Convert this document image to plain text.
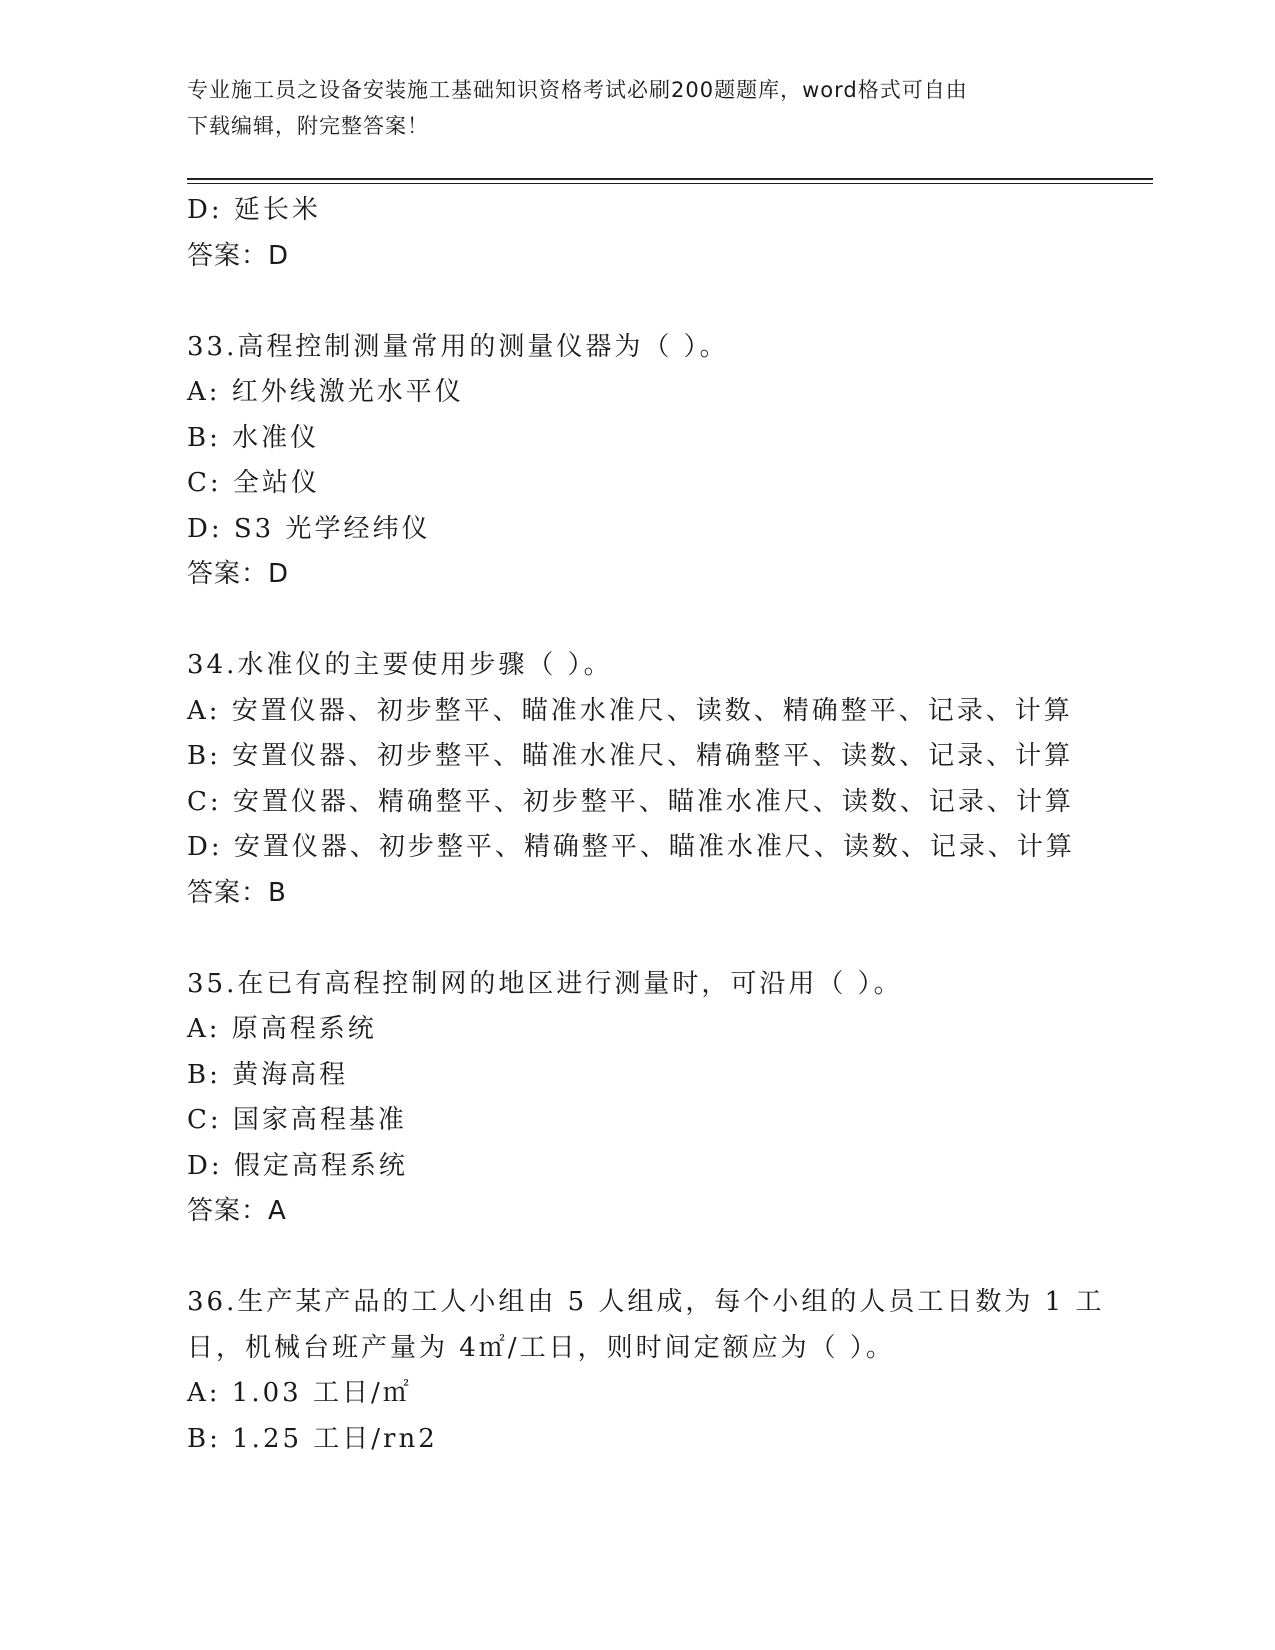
专业施工员之设备安装施工基础知识资格考试必刷200题题库，word格式可自由
下载编辑，附完整答案！
D: 延长米
答案：D
33.高程控制测量常用的测量仪器为（ ）。
A: 红外线激光水平仪
B: 水准仪
C: 全站仪
D: S3 光学经纬仪
答案：D
34.水准仪的主要使用步骤（ ）。
A: 安置仪器、初步整平、瞄准水准尺、读数、精确整平、记录、计算
B: 安置仪器、初步整平、瞄准水准尺、精确整平、读数、记录、计算
C: 安置仪器、精确整平、初步整平、瞄准水准尺、读数、记录、计算
D: 安置仪器、初步整平、精确整平、瞄准水准尺、读数、记录、计算
答案：B
35.在已有高程控制网的地区进行测量时，可沿用（ ）。
A: 原高程系统
B: 黄海高程
C: 国家高程基准
D: 假定高程系统
答案：A
36.生产某产品的工人小组由 5 人组成，每个小组的人员工日数为 1 工
日，机械台班产量为 4㎡/工日，则时间定额应为（ ）。
A: 1.03 工日/㎡
B: 1.25 工日/rn2
